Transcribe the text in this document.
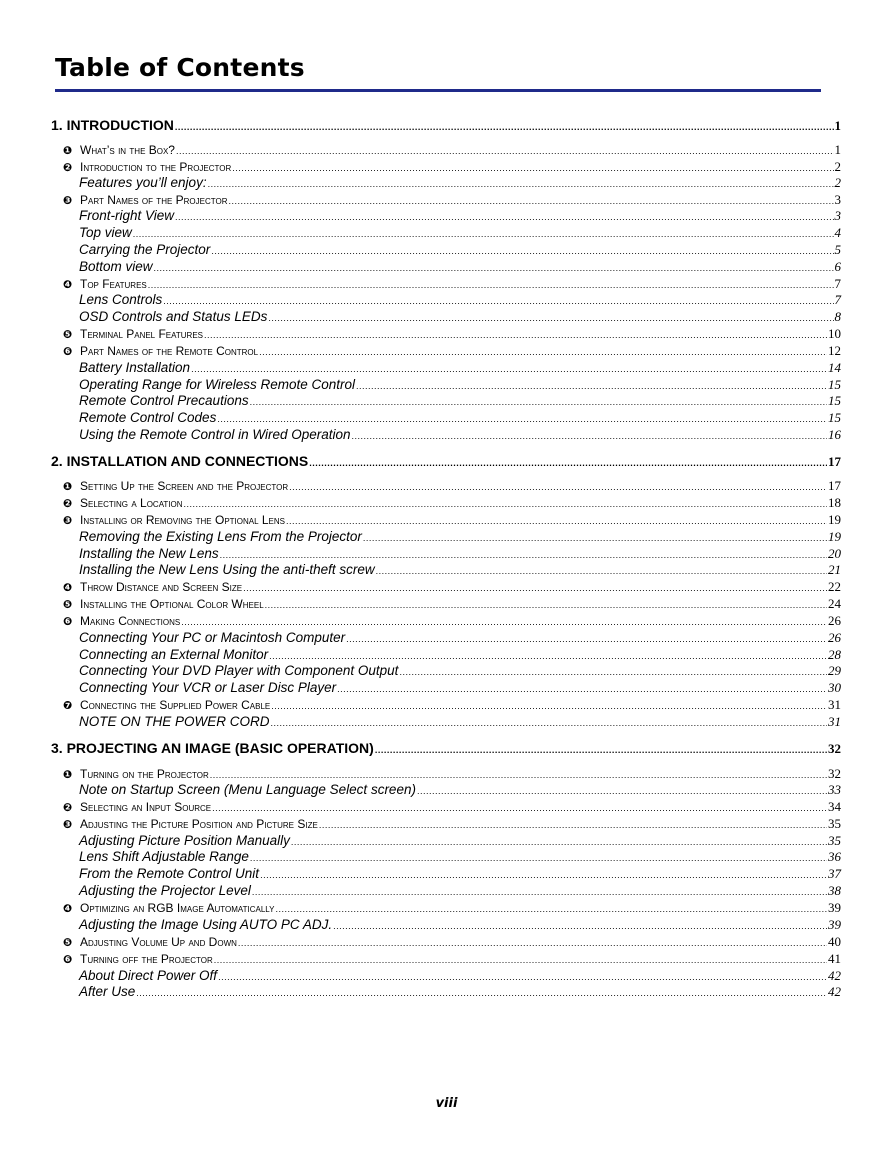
Table of Contents
1. INTRODUCTION .....	1
❶ What’s in the Box? .....	1
❷ Introduction to the Projector .....	2
Features you’ll enjoy: .....	2
❸ Part Names of the Projector .....	3
Front-right View .....	3
Top view .....	4
Carrying the Projector .....	5
Bottom view .....	6
❹ Top Features .....	7
Lens Controls .....	7
OSD Controls and Status LEDs .....	8
❺ Terminal Panel Features .....	10
❻ Part Names of the Remote Control .....	12
Battery Installation .....	14
Operating Range for Wireless Remote Control .....	15
Remote Control Precautions .....	15
Remote Control Codes .....	15
Using the Remote Control in Wired Operation .....	16
2. INSTALLATION AND CONNECTIONS .....	17
❶ Setting Up the Screen and the Projector .....	17
❷ Selecting a Location .....	18
❸ Installing or Removing the Optional Lens .....	19
Removing the Existing Lens From the Projector .....	19
Installing the New Lens .....	20
Installing the New Lens Using the anti-theft screw .....	21
❹ Throw Distance and Screen Size .....	22
❺ Installing the Optional Color Wheel .....	24
❻ Making Connections .....	26
Connecting Your PC or Macintosh Computer .....	26
Connecting an External Monitor .....	28
Connecting Your DVD Player with Component Output .....	29
Connecting Your VCR or Laser Disc Player .....	30
❼ Connecting the Supplied Power Cable .....	31
NOTE ON THE POWER CORD .....	31
3. PROJECTING AN IMAGE (BASIC OPERATION) .....	32
❶ Turning on the Projector .....	32
Note on Startup Screen (Menu Language Select screen) .....	33
❷ Selecting an Input Source .....	34
❸ Adjusting the Picture Position and Picture Size .....	35
Adjusting Picture Position Manually .....	35
Lens Shift Adjustable Range .....	36
From the Remote Control Unit .....	37
Adjusting the Projector Level .....	38
❹ Optimizing an RGB Image Automatically .....	39
Adjusting the Image Using AUTO PC ADJ. .....	39
❺ Adjusting Volume Up and Down .....	40
❻ Turning off the Projector .....	41
About Direct Power Off .....	42
After Use .....	42
viii
